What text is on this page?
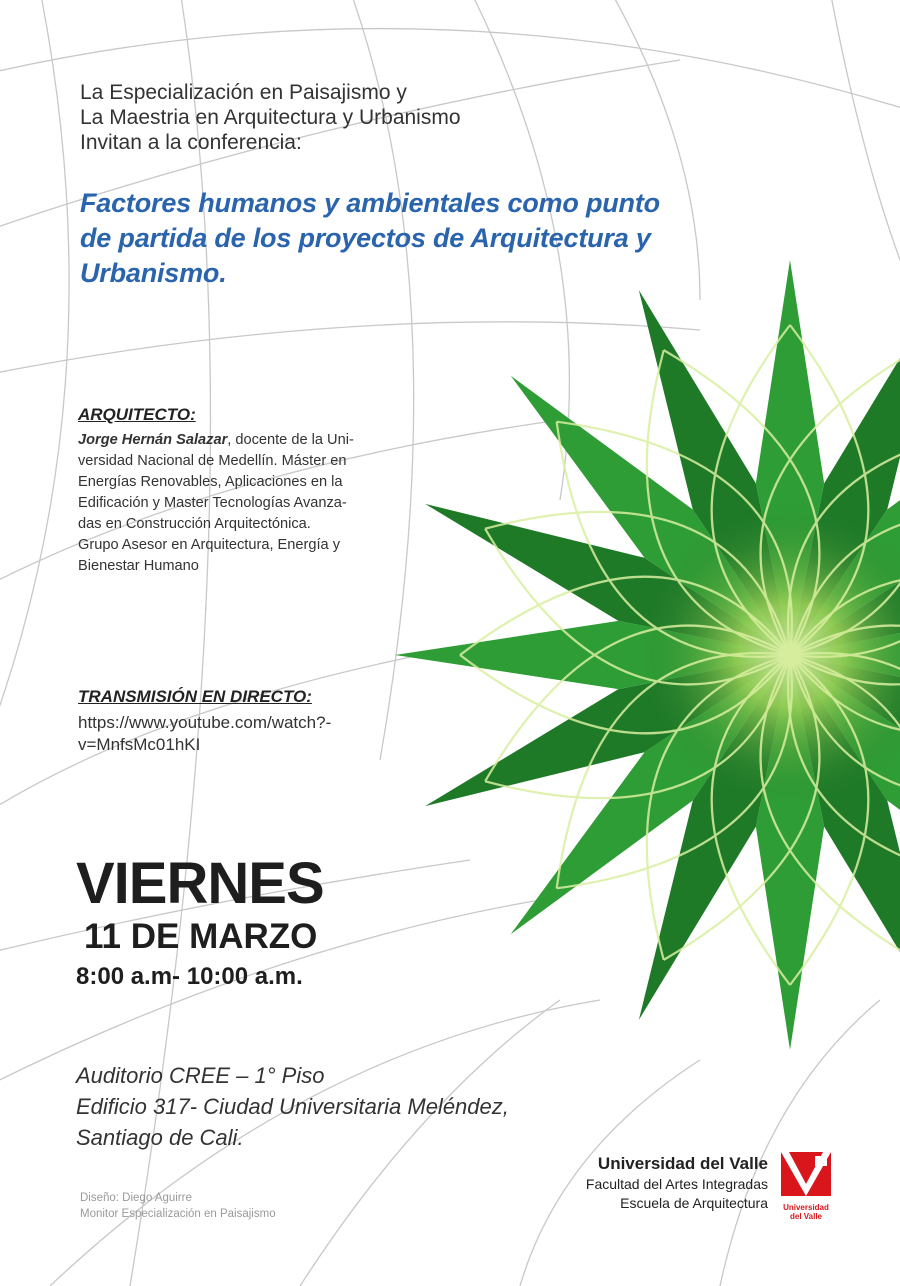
La Especialización en Paisajismo y
La Maestria en Arquitectura y Urbanismo
Invitan a la conferencia:
Factores humanos y ambientales como punto
de partida de los proyectos de Arquitectura y
Urbanismo.
ARQUITECTO:
Jorge Hernán Salazar, docente de la Uni-
versidad Nacional de Medellín. Máster en
Energías Renovables, Aplicaciones en la
Edificación y Master Tecnologías Avanza-
das en Construcción Arquitectónica.
Grupo Asesor en Arquitectura, Energía y
Bienestar Humano
TRANSMISIÓN EN DIRECTO:
https://www.youtube.com/watch?-
v=MnfsMc01hKI
VIERNES
11 DE MARZO
8:00 a.m- 10:00 a.m.
Auditorio CREE – 1° Piso
Edificio 317- Ciudad Universitaria Meléndez,
Santiago de Cali.
Diseño: Diego Aguirre
Monitor Especialización en Paisajismo
Universidad del Valle
Facultad del Artes Integradas
Escuela de Arquitectura Universidad
del Valle
